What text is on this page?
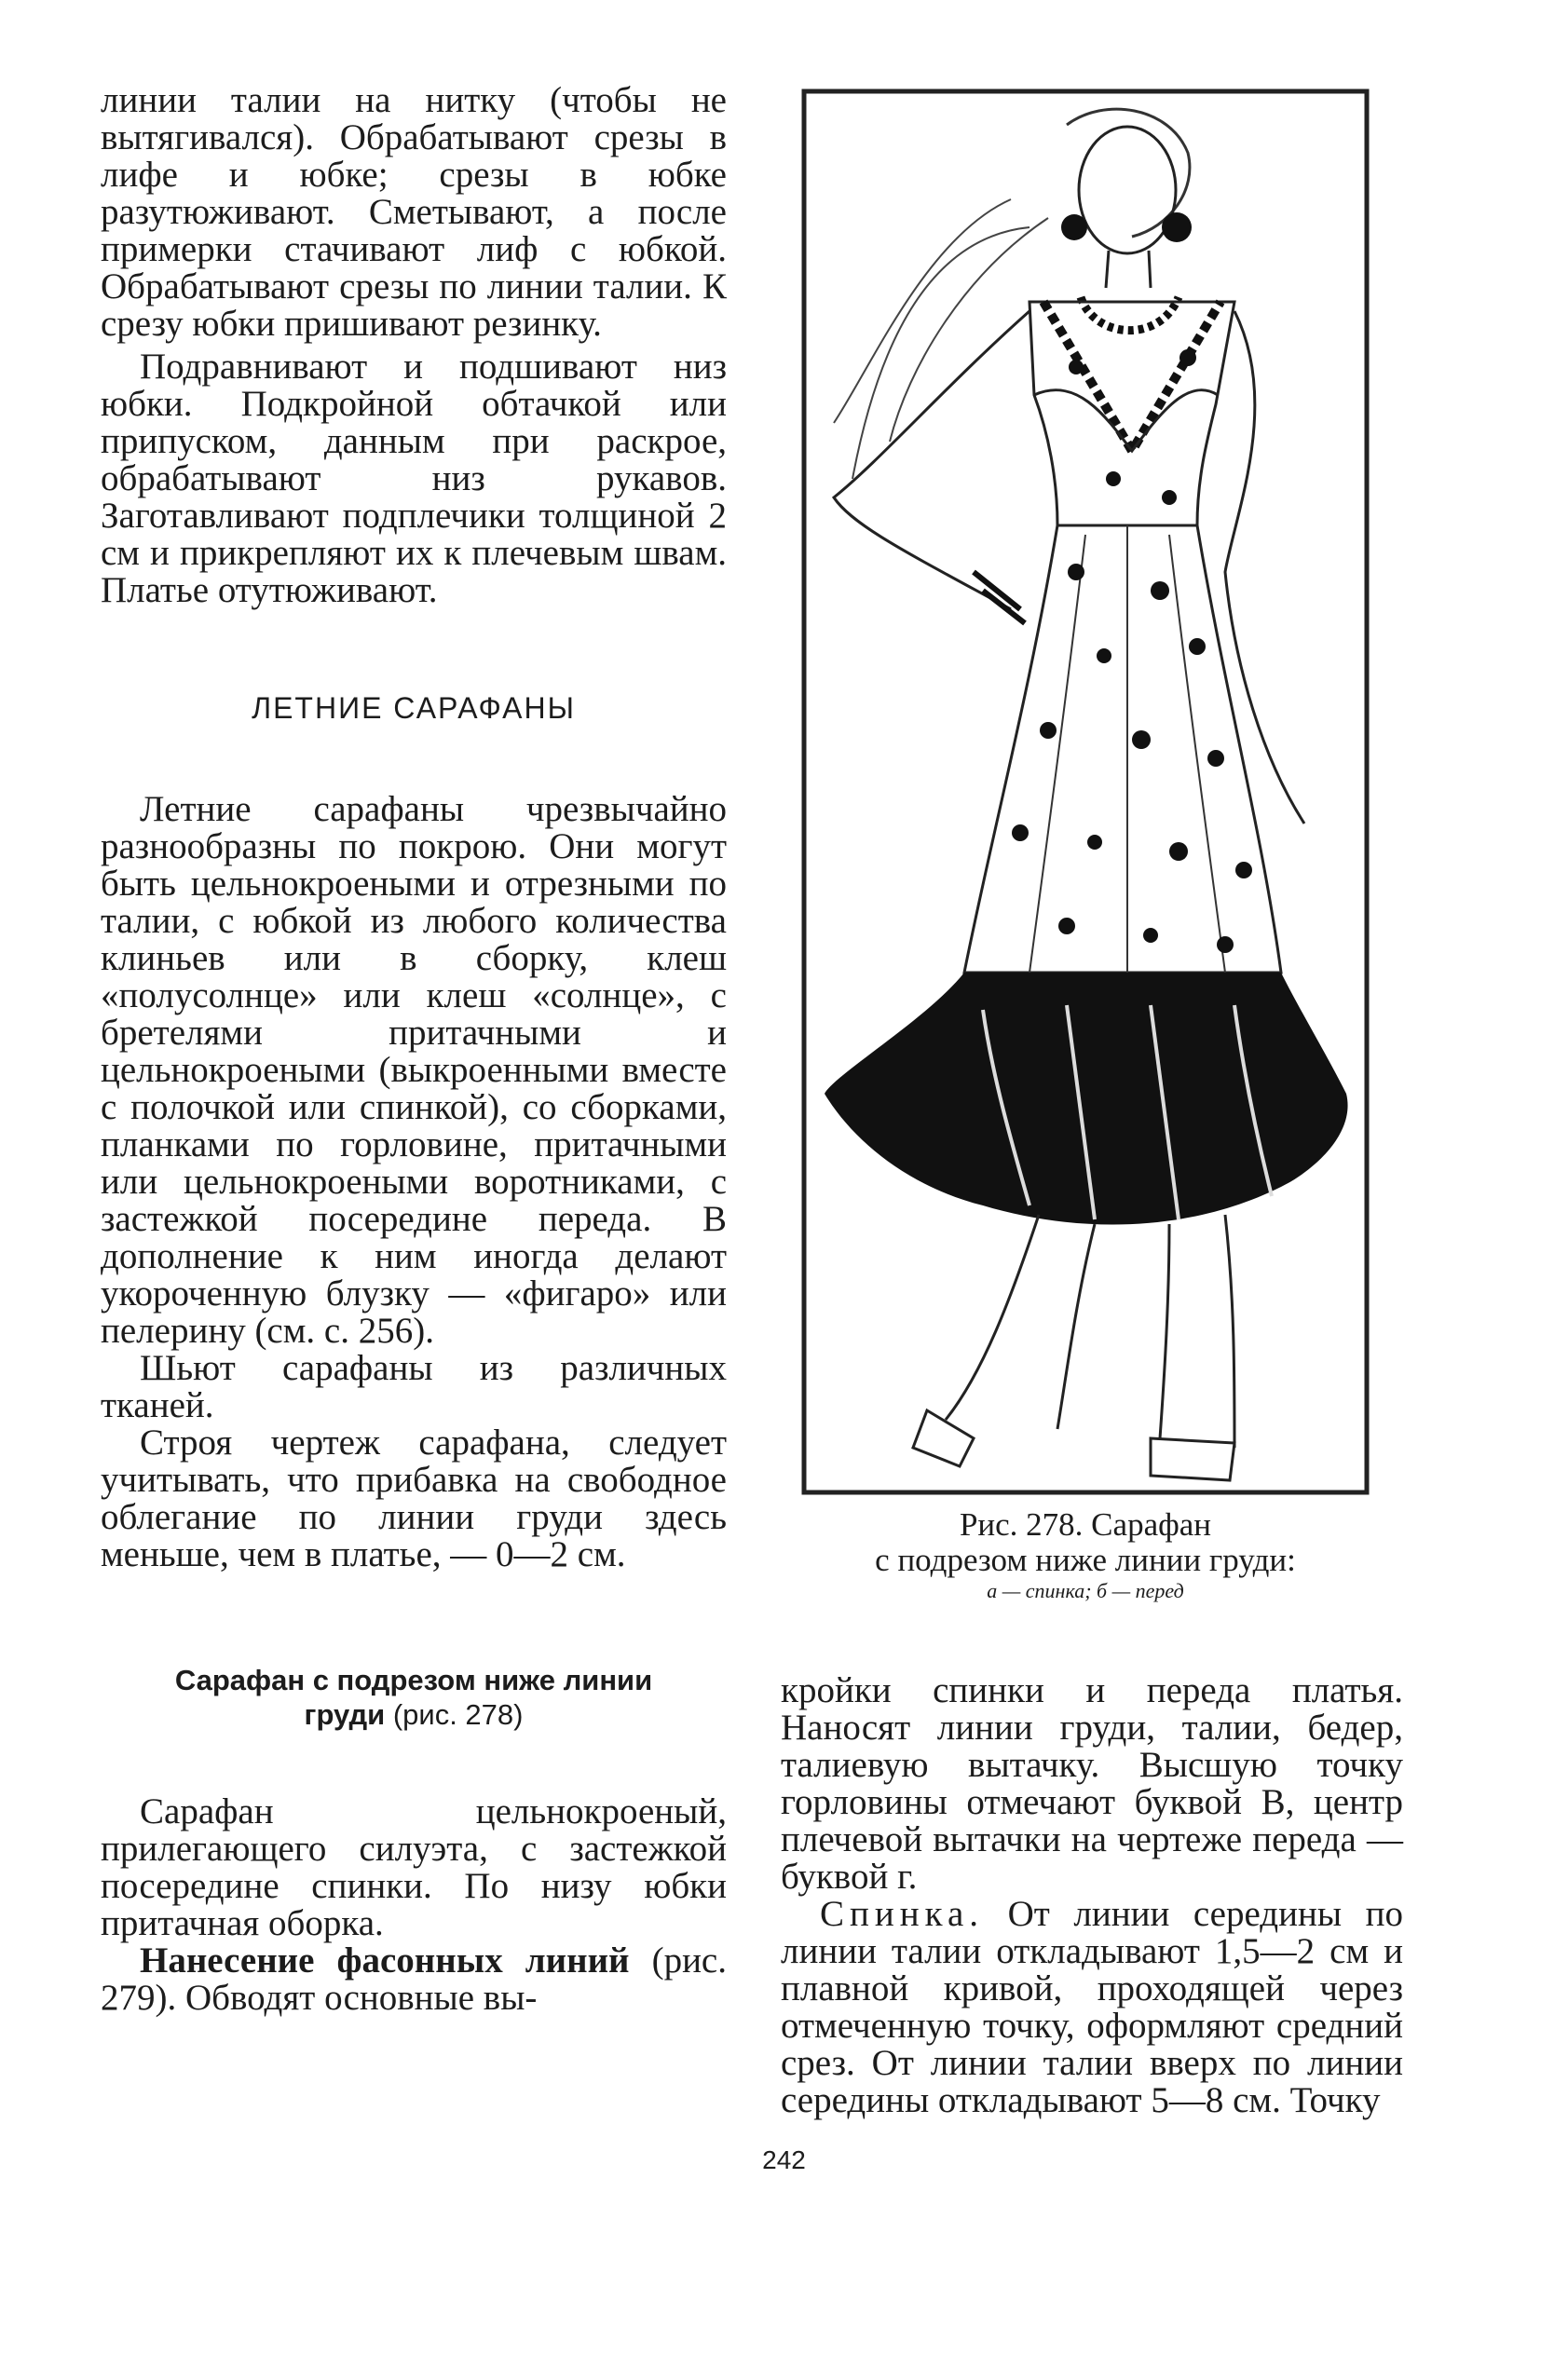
линии талии на нитку (чтобы не вытягивался). Обрабатывают срезы в лифе и юбке; срезы в юбке разутюживают. Сметывают, а после примерки стачивают лиф с юбкой. Обрабатывают срезы по линии талии. К срезу юбки пришивают резинку.

Подравнивают и подшивают низ юбки. Подкройной обтачкой или припуском, данным при раскрое, обрабатывают низ рукавов. Заготавливают подплечики толщиной 2 см и прикрепляют их к плечевым швам. Платье отутюживают.

ЛЕТНИЕ САРАФАНЫ

Летние сарафаны чрезвычайно разнообразны по покрою. Они могут быть цельнокроеными и отрезными по талии, с юбкой из любого количества клиньев или в сборку, клеш «полусолнце» или клеш «солнце», с бретелями притачными и цельнокроеными (выкроенными вместе с полочкой или спинкой), со сборками, планками по горловине, притачными или цельнокроеными воротниками, с застежкой посередине переда. В дополнение к ним иногда делают укороченную блузку — «фигаро» или пелерину (см. с. 256).

Шьют сарафаны из различных тканей.

Строя чертеж сарафана, следует учитывать, что прибавка на свободное облегание по линии груди здесь меньше, чем в платье, — 0—2 см.

Сарафан с подрезом ниже линии груди (рис. 278)

Сарафан цельнокроеный, прилегающего силуэта, с застежкой посередине спинки. По низу юбки притачная оборка.

Нанесение фасонных линий (рис. 279). Обводят основные вы-

Рис. 278. Сарафан

с подрезом ниже линии груди:

а — спинка; б — перед

кройки спинки и переда платья. Наносят линии груди, талии, бедер, талиевую вытачку. Высшую точку горловины отмечают буквой В, центр плечевой вытачки на чертеже переда — буквой г.

Спинка. От линии середины по линии талии откладывают 1,5—2 см и плавной кривой, проходящей через отмеченную точку, оформляют средний срез. От линии талии вверх по линии середины откладывают 5—8 см. Точку

242
